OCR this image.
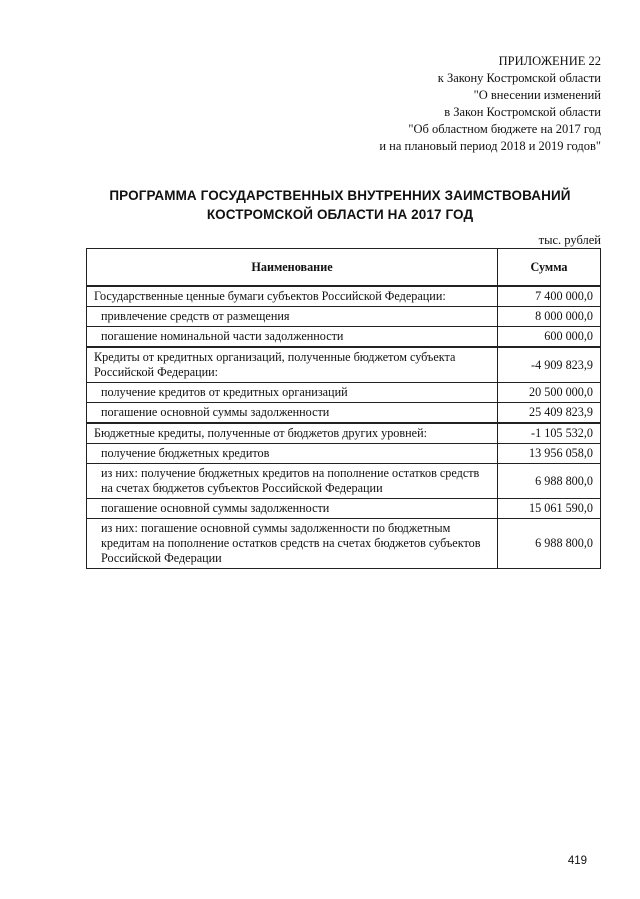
ПРИЛОЖЕНИЕ 22
к Закону Костромской области
"О внесении изменений
в Закон Костромской области
"Об областном бюджете на 2017 год
и на плановый период 2018 и 2019 годов"
ПРОГРАММА ГОСУДАРСТВЕННЫХ ВНУТРЕННИХ ЗАИМСТВОВАНИЙ
КОСТРОМСКОЙ ОБЛАСТИ НА 2017 ГОД
тыс. рублей
Наименование	Сумма
Государственные ценные бумаги субъектов Российской Федерации:	7 400 000,0
привлечение средств от размещения	8 000 000,0
погашение номинальной части задолженности	600 000,0
Кредиты от кредитных организаций, полученные бюджетом субъекта Российской Федерации:	-4 909 823,9
получение кредитов от кредитных организаций	20 500 000,0
погашение основной суммы задолженности	25 409 823,9
Бюджетные кредиты, полученные от бюджетов других уровней:	-1 105 532,0
получение бюджетных кредитов	13 956 058,0
из них: получение бюджетных кредитов на пополнение остатков средств на счетах бюджетов субъектов Российской Федерации	6 988 800,0
погашение основной суммы задолженности	15 061 590,0
из них: погашение основной суммы задолженности по бюджетным кредитам на пополнение остатков средств на счетах бюджетов субъектов Российской Федерации	6 988 800,0
419
